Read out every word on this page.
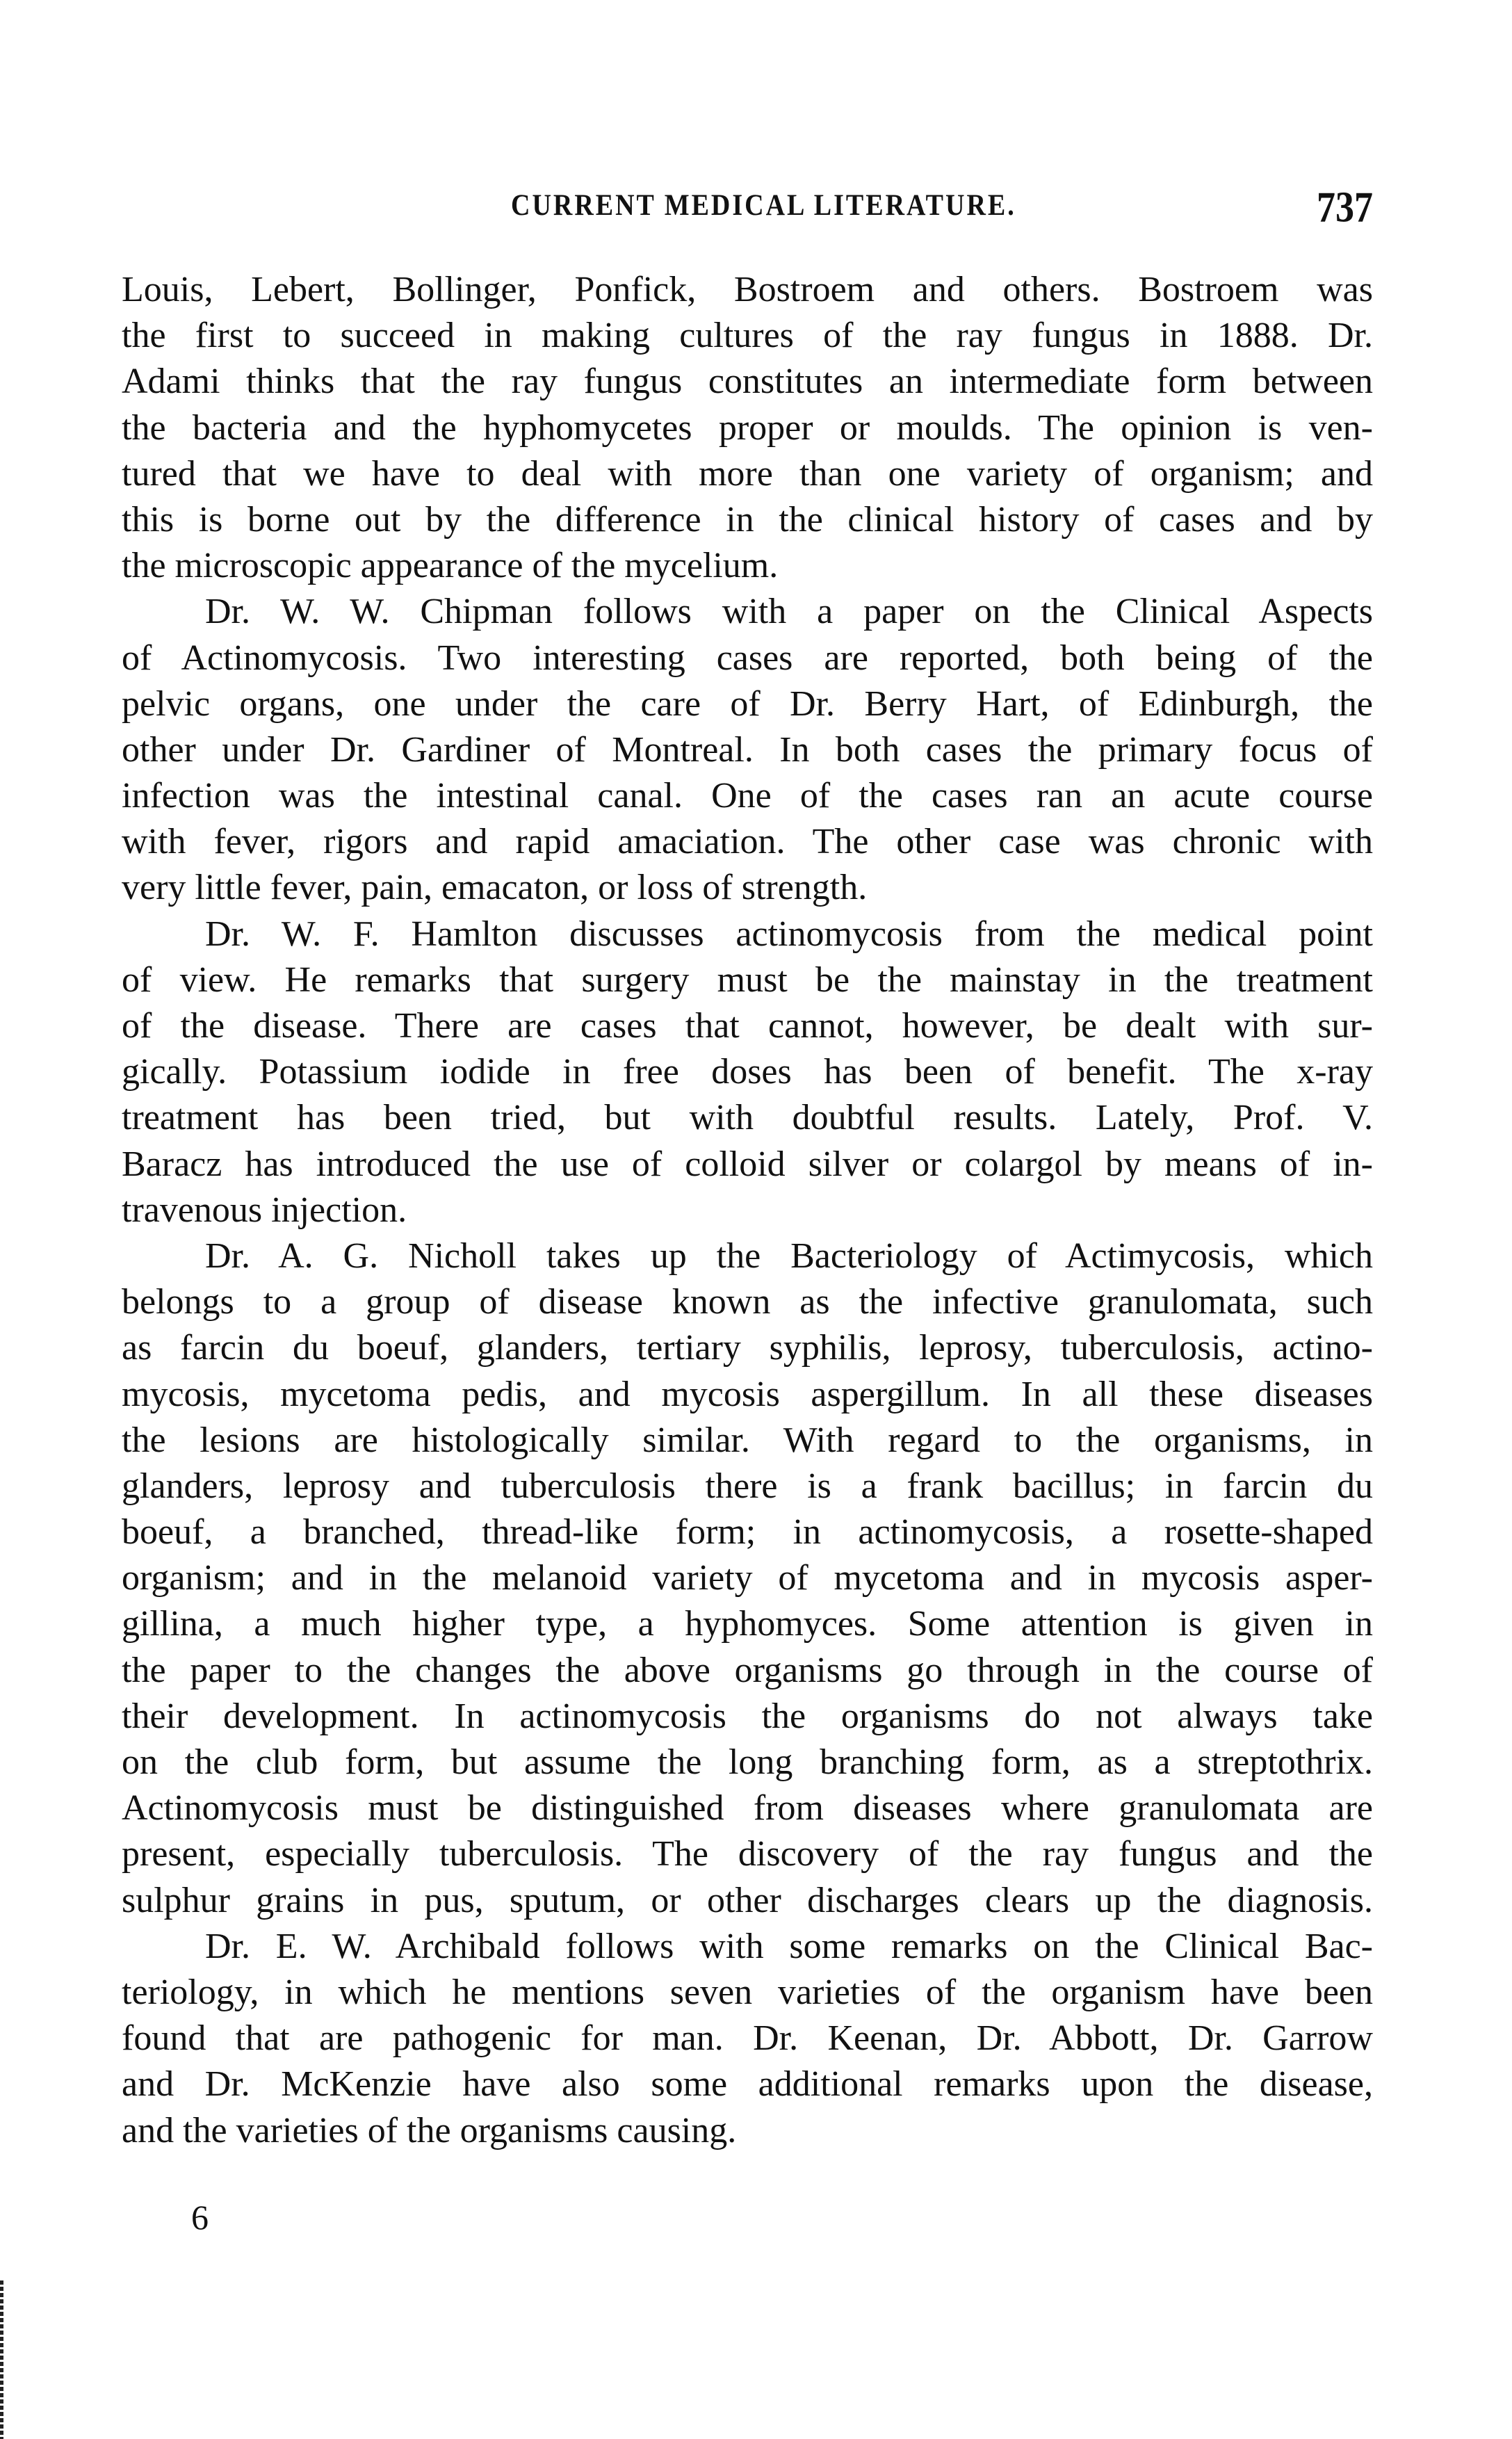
CURRENT MEDICAL LITERATURE.	737
Louis, Lebert, Bollinger, Ponfick, Bostroem and others. Bostroem was
the first to succeed in making cultures of the ray fungus in 1888. Dr.
Adami thinks that the ray fungus constitutes an intermediate form between
the bacteria and the hyphomycetes proper or moulds. The opinion is ven-
tured that we have to deal with more than one variety of organism; and
this is borne out by the difference in the clinical history of cases and by
the microscopic appearance of the mycelium.
Dr. W. W. Chipman follows with a paper on the Clinical Aspects
of Actinomycosis. Two interesting cases are reported, both being of the
pelvic organs, one under the care of Dr. Berry Hart, of Edinburgh, the
other under Dr. Gardiner of Montreal. In both cases the primary focus of
infection was the intestinal canal. One of the cases ran an acute course
with fever, rigors and rapid amaciation. The other case was chronic with
very little fever, pain, emacaton, or loss of strength.
Dr. W. F. Hamlton discusses actinomycosis from the medical point
of view. He remarks that surgery must be the mainstay in the treatment
of the disease. There are cases that cannot, however, be dealt with sur-
gically. Potassium iodide in free doses has been of benefit. The x-ray
treatment has been tried, but with doubtful results. Lately, Prof. V.
Baracz has introduced the use of colloid silver or colargol by means of in-
travenous injection.
Dr. A. G. Nicholl takes up the Bacteriology of Actimycosis, which
belongs to a group of disease known as the infective granulomata, such
as farcin du boeuf, glanders, tertiary syphilis, leprosy, tuberculosis, actino-
mycosis, mycetoma pedis, and mycosis aspergillum. In all these diseases
the lesions are histologically similar. With regard to the organisms, in
glanders, leprosy and tuberculosis there is a frank bacillus; in farcin du
boeuf, a branched, thread-like form; in actinomycosis, a rosette-shaped
organism; and in the melanoid variety of mycetoma and in mycosis asper-
gillina, a much higher type, a hyphomyces. Some attention is given in
the paper to the changes the above organisms go through in the course of
their development. In actinomycosis the organisms do not always take
on the club form, but assume the long branching form, as a streptothrix.
Actinomycosis must be distinguished from diseases where granulomata are
present, especially tuberculosis. The discovery of the ray fungus and the
sulphur grains in pus, sputum, or other discharges clears up the diagnosis.
Dr. E. W. Archibald follows with some remarks on the Clinical Bac-
teriology, in which he mentions seven varieties of the organism have been
found that are pathogenic for man. Dr. Keenan, Dr. Abbott, Dr. Garrow
and Dr. McKenzie have also some additional remarks upon the disease,
and the varieties of the organisms causing.
6
